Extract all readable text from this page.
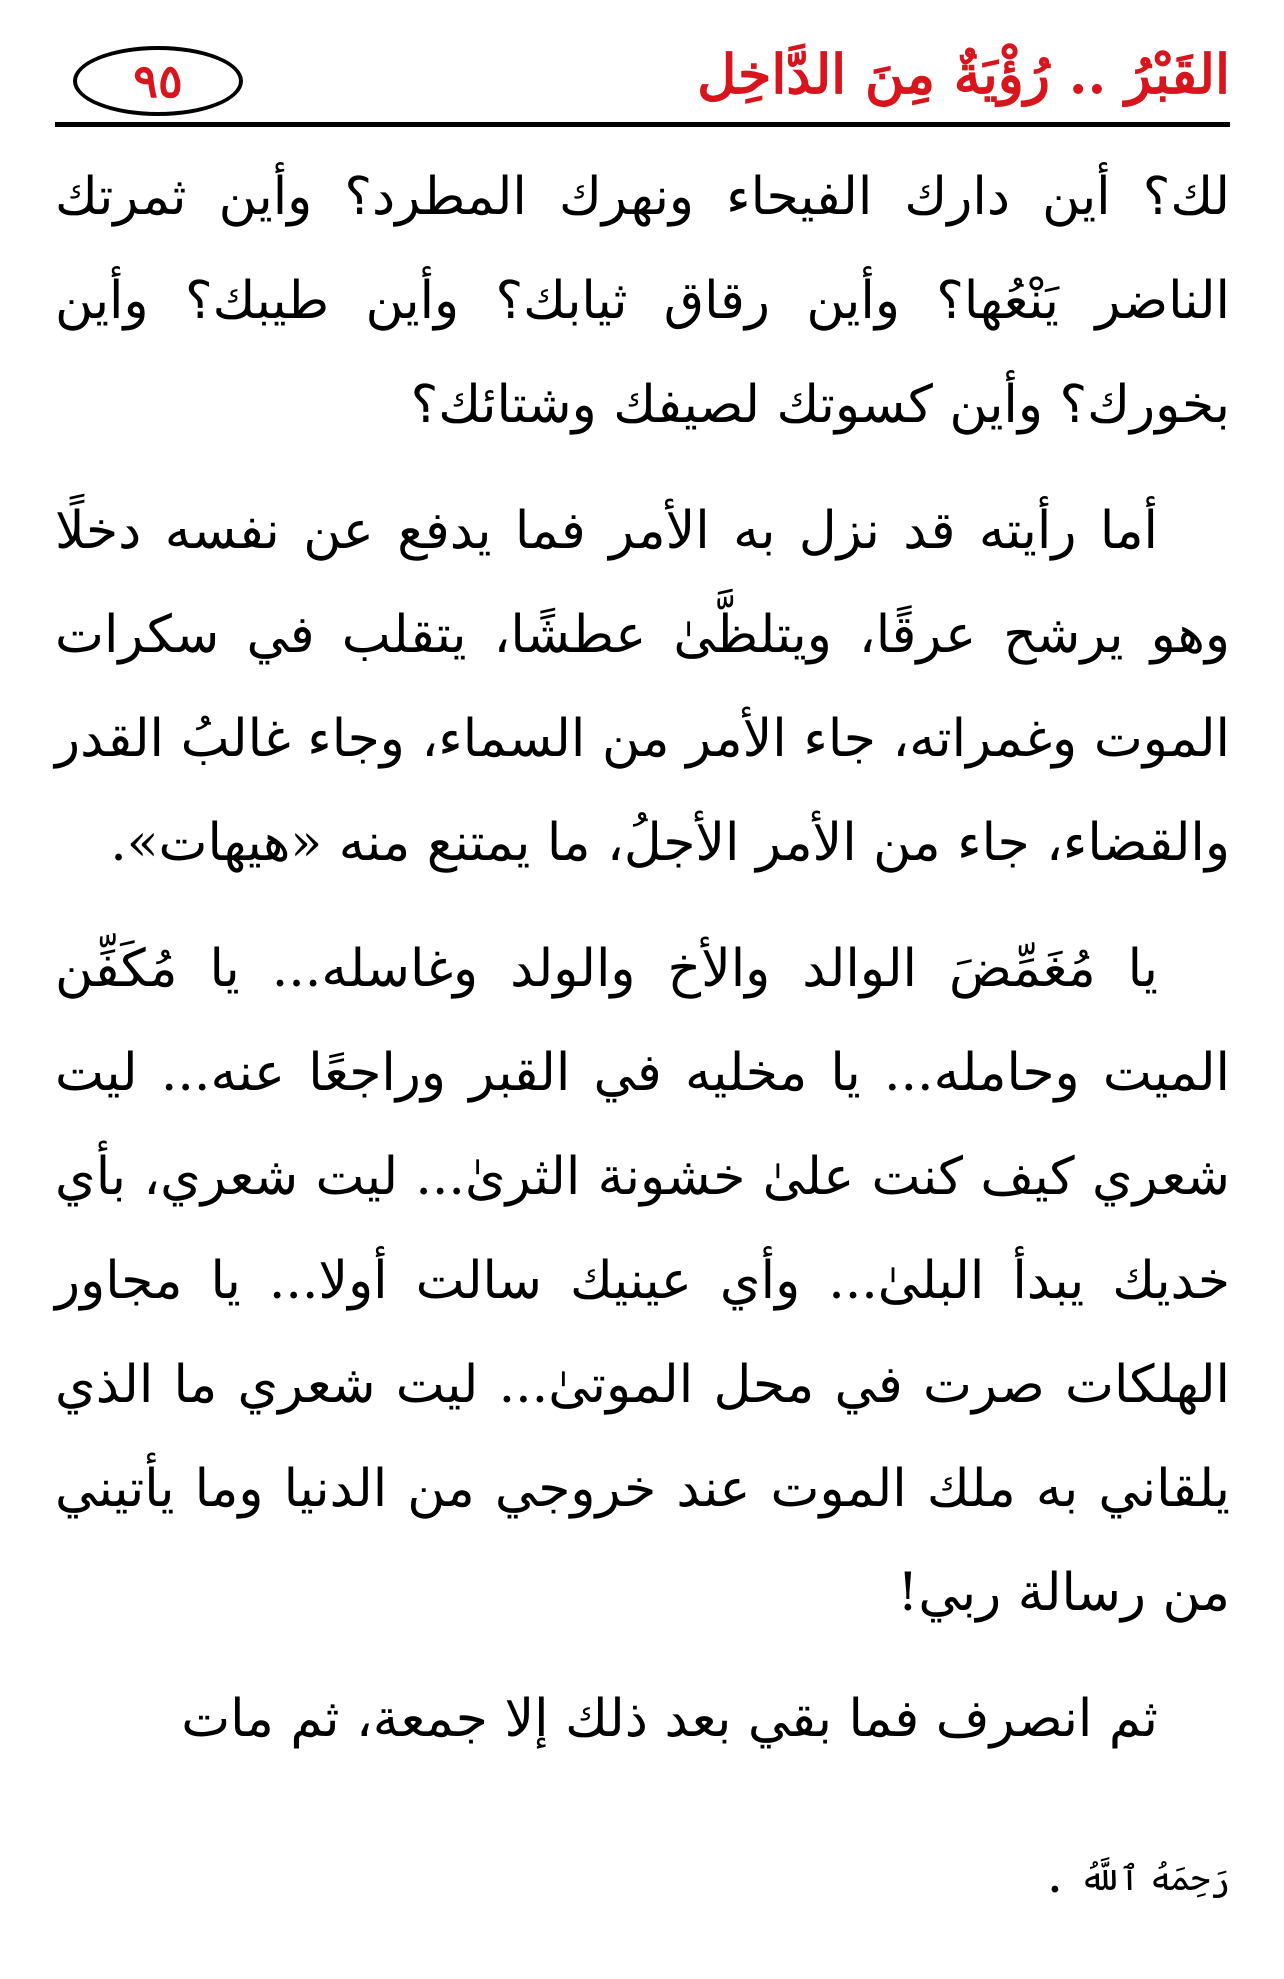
٩٥	القَبْرُ .. رُؤْيَةٌ مِنَ الدَّاخِل

لك؟ أين دارك الفيحاء ونهرك المطرد؟ وأين ثمرتك الناضر يَنْعُها؟ وأين رقاق ثيابك؟ وأين طيبك؟ وأين بخورك؟ وأين كسوتك لصيفك وشتائك؟

أما رأيته قد نزل به الأمر فما يدفع عن نفسه دخلًا وهو يرشح عرقًا، ويتلظَّىٰ عطشًا، يتقلب في سكرات الموت وغمراته، جاء الأمر من السماء، وجاء غالبُ القدر والقضاء، جاء من الأمر الأجلُ، ما يمتنع منه «هيهات».

يا مُغَمِّضَ الوالد والأخ والولد وغاسله... يا مُكَفِّن الميت وحامله... يا مخليه في القبر وراجعًا عنه... ليت شعري كيف كنت علىٰ خشونة الثرىٰ... ليت شعري، بأي خديك يبدأ البلىٰ... وأي عينيك سالت أولا... يا مجاور الهلكات صرت في محل الموتىٰ... ليت شعري ما الذي يلقاني به ملك الموت عند خروجي من الدنيا وما يأتيني من رسالة ربي!

ثم انصرف فما بقي بعد ذلك إلا جمعة، ثم مات

رَحِمَهُ ٱللَّهُ .
